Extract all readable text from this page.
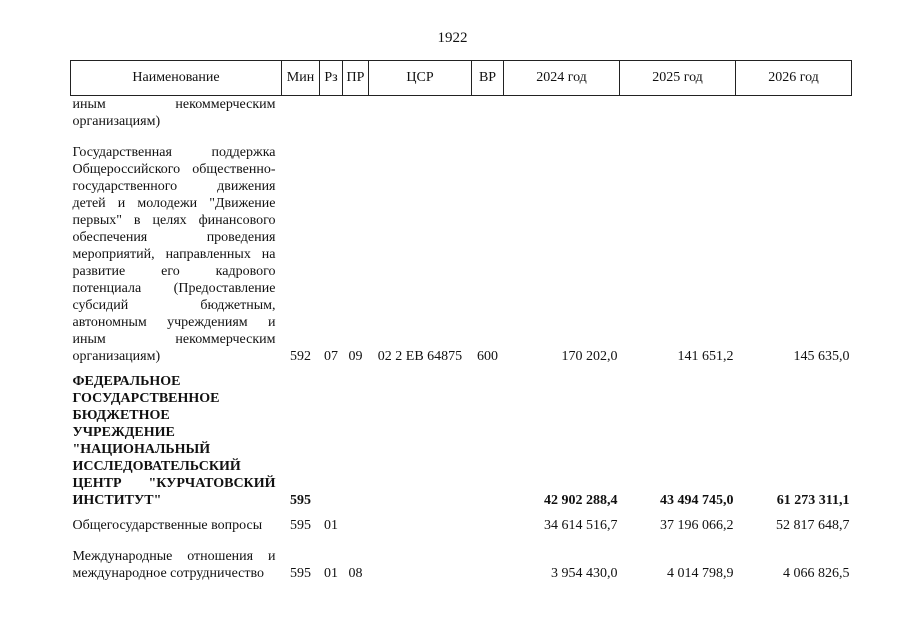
1922
Наименование	Мин	Рз	ПР	ЦСР	ВР	2024 год	2025 год	2026 год
иным некоммерческим организациям)								
Государственная поддержка Общероссийского общественно-государственного движения детей и молодежи "Движение первых" в целях финансового обеспечения проведения мероприятий, направленных на развитие его кадрового потенциала (Предоставление субсидий бюджетным, автономным учреждениям и иным некоммерческим организациям)	592	07	09	02 2 ЕВ 64875	600	170 202,0	141 651,2	145 635,0
ФЕДЕРАЛЬНОЕ ГОСУДАРСТВЕННОЕ БЮДЖЕТНОЕ УЧРЕЖДЕНИЕ "НАЦИОНАЛЬНЫЙ ИССЛЕДОВАТЕЛЬСКИЙ ЦЕНТР "КУРЧАТОВСКИЙ ИНСТИТУТ"	595					42 902 288,4	43 494 745,0	61 273 311,1
Общегосударственные вопросы	595	01				34 614 516,7	37 196 066,2	52 817 648,7
Международные отношения и международное сотрудничество	595	01	08			3 954 430,0	4 014 798,9	4 066 826,5
